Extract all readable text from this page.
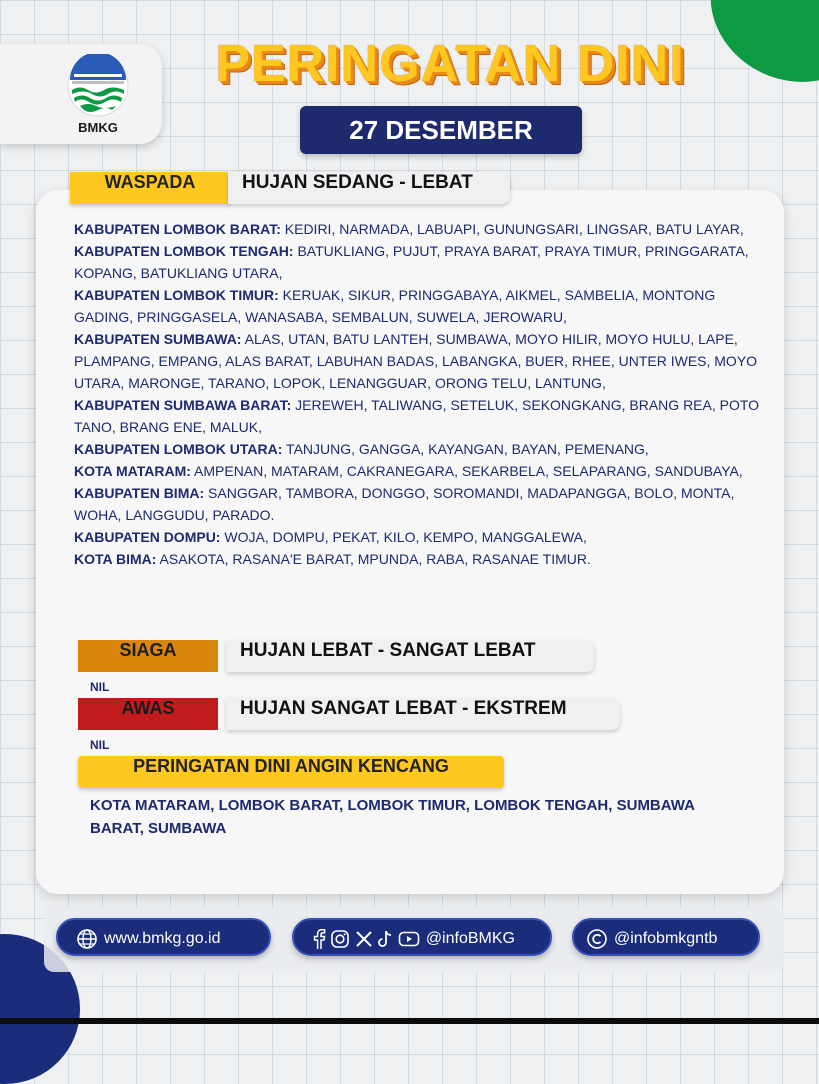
BMKG
PERINGATAN DINI
27 DESEMBER
WASPADA	HUJAN SEDANG - LEBAT

KABUPATEN LOMBOK BARAT: KEDIRI, NARMADA, LABUAPI, GUNUNGSARI, LINGSAR, BATU LAYAR,

KABUPATEN LOMBOK TENGAH: BATUKLIANG, PUJUT, PRAYA BARAT, PRAYA TIMUR, PRINGGARATA, KOPANG, BATUKLIANG UTARA,

KABUPATEN LOMBOK TIMUR: KERUAK, SIKUR, PRINGGABAYA, AIKMEL, SAMBELIA, MONTONG GADING, PRINGGASELA, WANASABA, SEMBALUN, SUWELA, JEROWARU,

KABUPATEN SUMBAWA: ALAS, UTAN, BATU LANTEH, SUMBAWA, MOYO HILIR, MOYO HULU, LAPE, PLAMPANG, EMPANG, ALAS BARAT, LABUHAN BADAS, LABANGKA, BUER, RHEE, UNTER IWES, MOYO UTARA, MARONGE, TARANO, LOPOK, LENANGGUAR, ORONG TELU, LANTUNG,

KABUPATEN SUMBAWA BARAT: JEREWEH, TALIWANG, SETELUK, SEKONGKANG, BRANG REA, POTO TANO, BRANG ENE, MALUK,

KABUPATEN LOMBOK UTARA: TANJUNG, GANGGA, KAYANGAN, BAYAN, PEMENANG,

KOTA MATARAM: AMPENAN, MATARAM, CAKRANEGARA, SEKARBELA, SELAPARANG, SANDUBAYA,

KABUPATEN BIMA: SANGGAR, TAMBORA, DONGGO, SOROMANDI, MADAPANGGA, BOLO, MONTA, WOHA, LANGGUDU, PARADO.

KABUPATEN DOMPU: WOJA, DOMPU, PEKAT, KILO, KEMPO, MANGGALEWA,

KOTA BIMA: ASAKOTA, RASANA'E BARAT, MPUNDA, RABA, RASANAE TIMUR.

SIAGA	HUJAN LEBAT - SANGAT LEBAT
NIL
AWAS	HUJAN SANGAT LEBAT - EKSTREM
NIL
PERINGATAN DINI ANGIN KENCANG
KOTA MATARAM, LOMBOK BARAT, LOMBOK TIMUR, LOMBOK TENGAH, SUMBAWA BARAT, SUMBAWA
www.bmkg.go.id	@infoBMKG	@infobmkgntb
